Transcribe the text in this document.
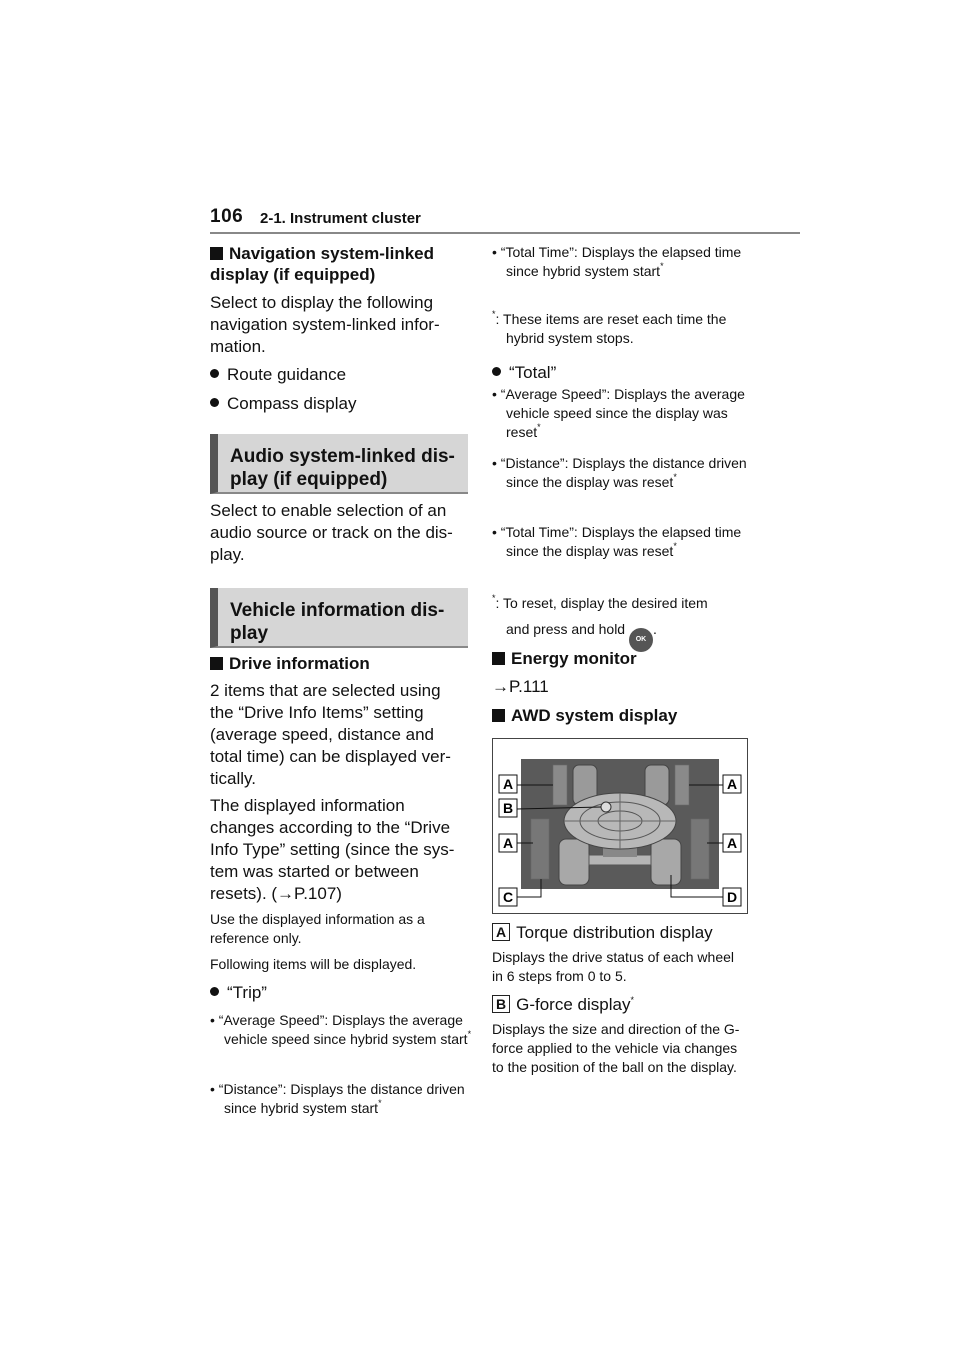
106 2-1. Instrument cluster
Navigation system-linked display (if equipped)
Select to display the following navigation system-linked infor-mation.
Route guidance
Compass display
Audio system-linked dis-play (if equipped)
Select to enable selection of an audio source or track on the dis-play.
Vehicle information dis-play
Drive information
2 items that are selected using the “Drive Info Items” setting (average speed, distance and total time) can be displayed ver-tically.
The displayed information changes according to the “Drive Info Type” setting (since the sys-tem was started or between resets). (→P.107)
Use the displayed information as a reference only.
Following items will be displayed.
“Trip”
• “Average Speed”: Displays the average vehicle speed since hybrid system start*
• “Distance”: Displays the distance driven since hybrid system start*
• “Total Time”: Displays the elapsed time since hybrid system start*
*: These items are reset each time the hybrid system stops.
“Total”
• “Average Speed”: Displays the average vehicle speed since the display was reset*
• “Distance”: Displays the distance driven since the display was reset*
• “Total Time”: Displays the elapsed time since the display was reset*
*: To reset, display the desired item
and press and hold OK.
Energy monitor
→P.111
AWD system display
A	A
B
A	A
C	D
A Torque distribution display
Displays the drive status of each wheel in 6 steps from 0 to 5.
B G-force display*
Displays the size and direction of the G-force applied to the vehicle via changes to the position of the ball on the display.
